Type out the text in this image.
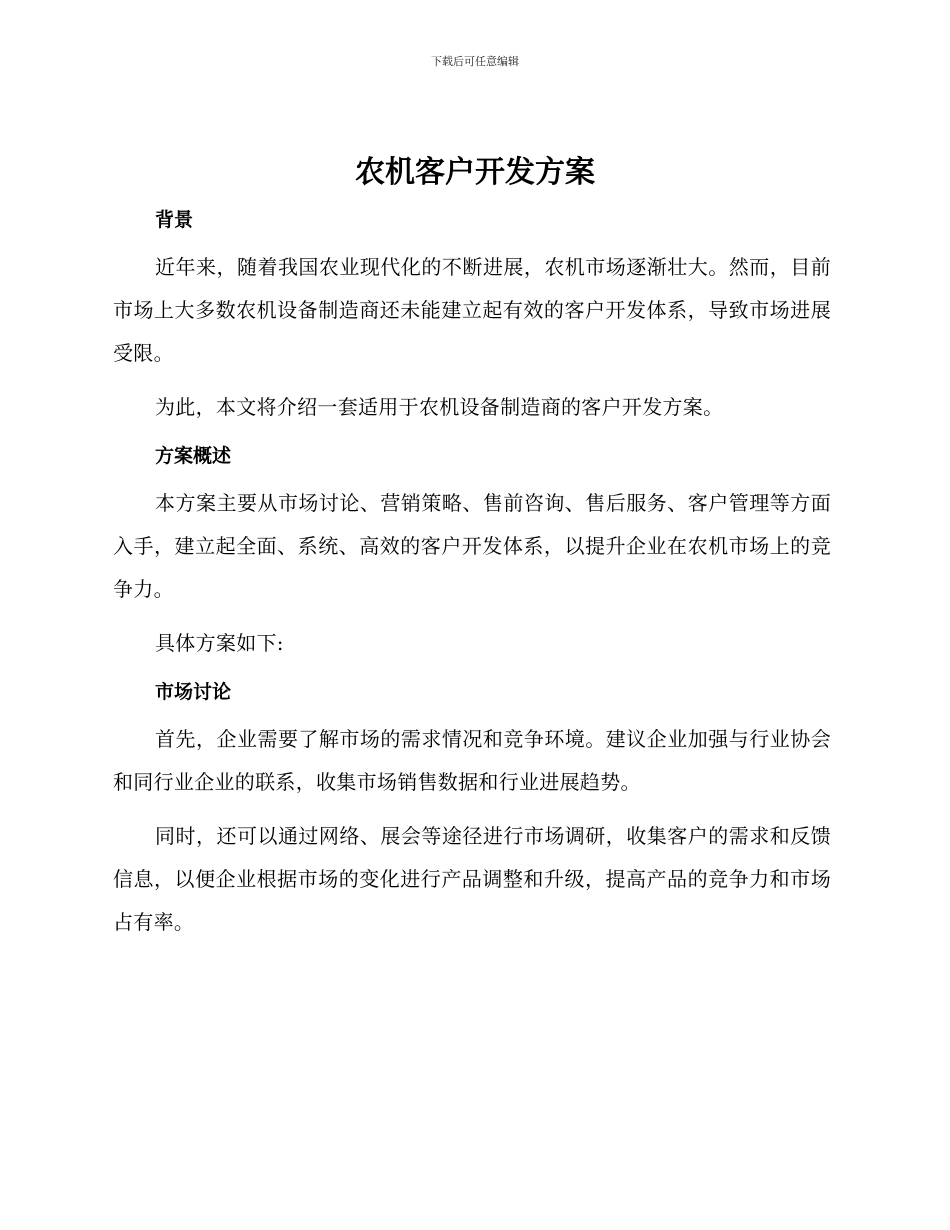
下载后可任意编辑
农机客户开发方案
背景

近年来，随着我国农业现代化的不断进展，农机市场逐渐壮大。然而，目前市场上大多数农机设备制造商还未能建立起有效的客户开发体系，导致市场进展受限。

为此，本文将介绍一套适用于农机设备制造商的客户开发方案。

方案概述

本方案主要从市场讨论、营销策略、售前咨询、售后服务、客户管理等方面入手，建立起全面、系统、高效的客户开发体系，以提升企业在农机市场上的竞争力。

具体方案如下:

市场讨论

首先，企业需要了解市场的需求情况和竞争环境。建议企业加强与行业协会和同行业企业的联系，收集市场销售数据和行业进展趋势。

同时，还可以通过网络、展会等途径进行市场调研，收集客户的需求和反馈信息，以便企业根据市场的变化进行产品调整和升级，提高产品的竞争力和市场占有率。
